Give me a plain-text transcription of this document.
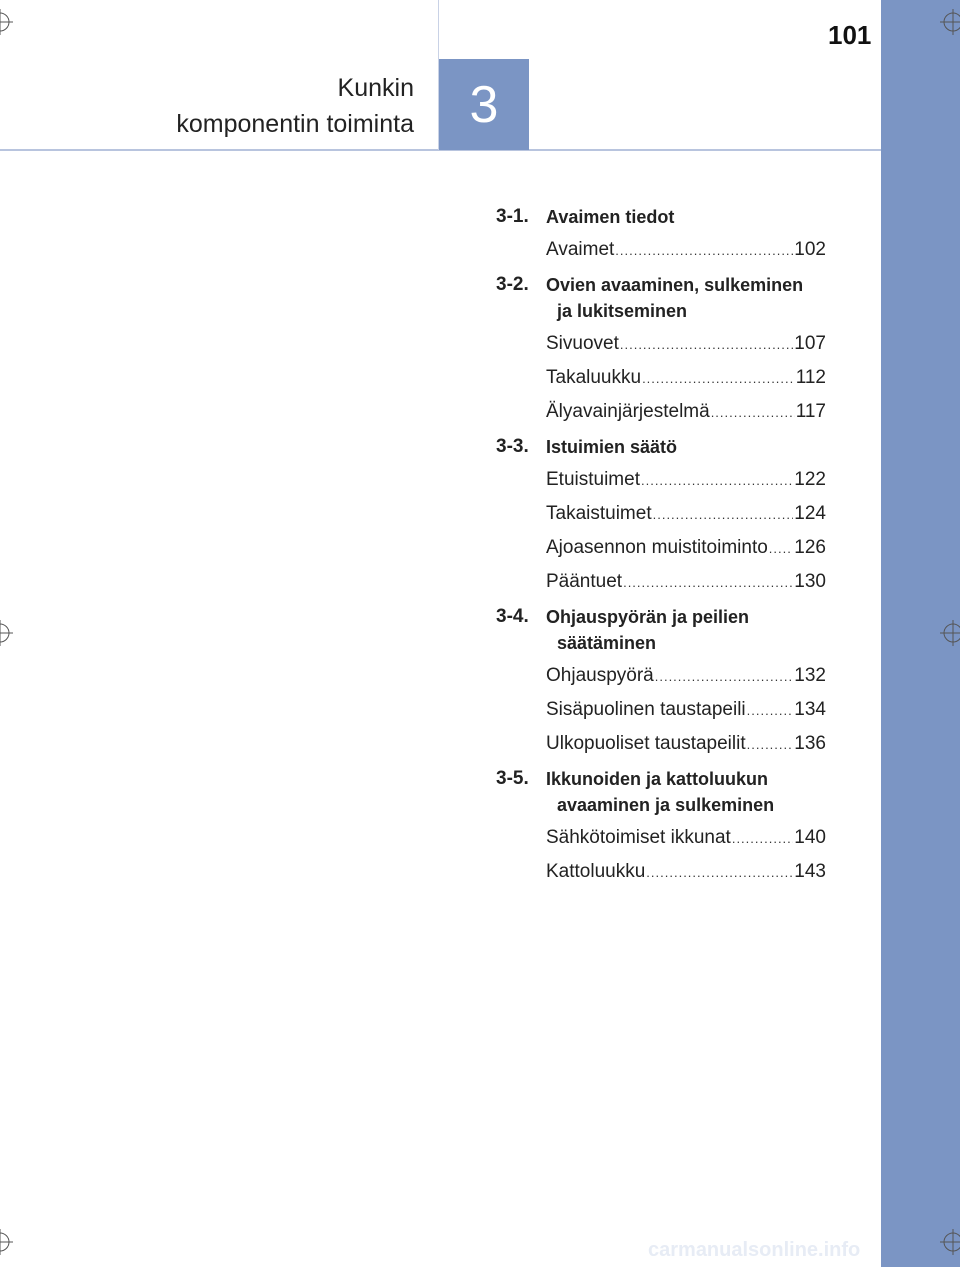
101
Kunkin
komponentin toiminta 3
3-1. Avaimen tiedot
Avaimet .....	102
3-2. Ovien avaaminen, sulkeminen
ja lukitseminen
Sivuovet .....	107
Takaluukku .....	112
Älyavainjärjestelmä .....	117
3-3. Istuimien säätö
Etuistuimet .....	122
Takaistuimet .....	124
Ajoasennon muistitoiminto ..... 126
Pääntuet .....	130
3-4. Ohjauspyörän ja peilien
säätäminen
Ohjauspyörä .....	132
Sisäpuolinen taustapeili .....	134
Ulkopuoliset taustapeilit .....	136
3-5. Ikkunoiden ja kattoluukun
avaaminen ja sulkeminen
Sähkötoimiset ikkunat .....	140
Kattoluukku .....	143
carmanualsonline.info
